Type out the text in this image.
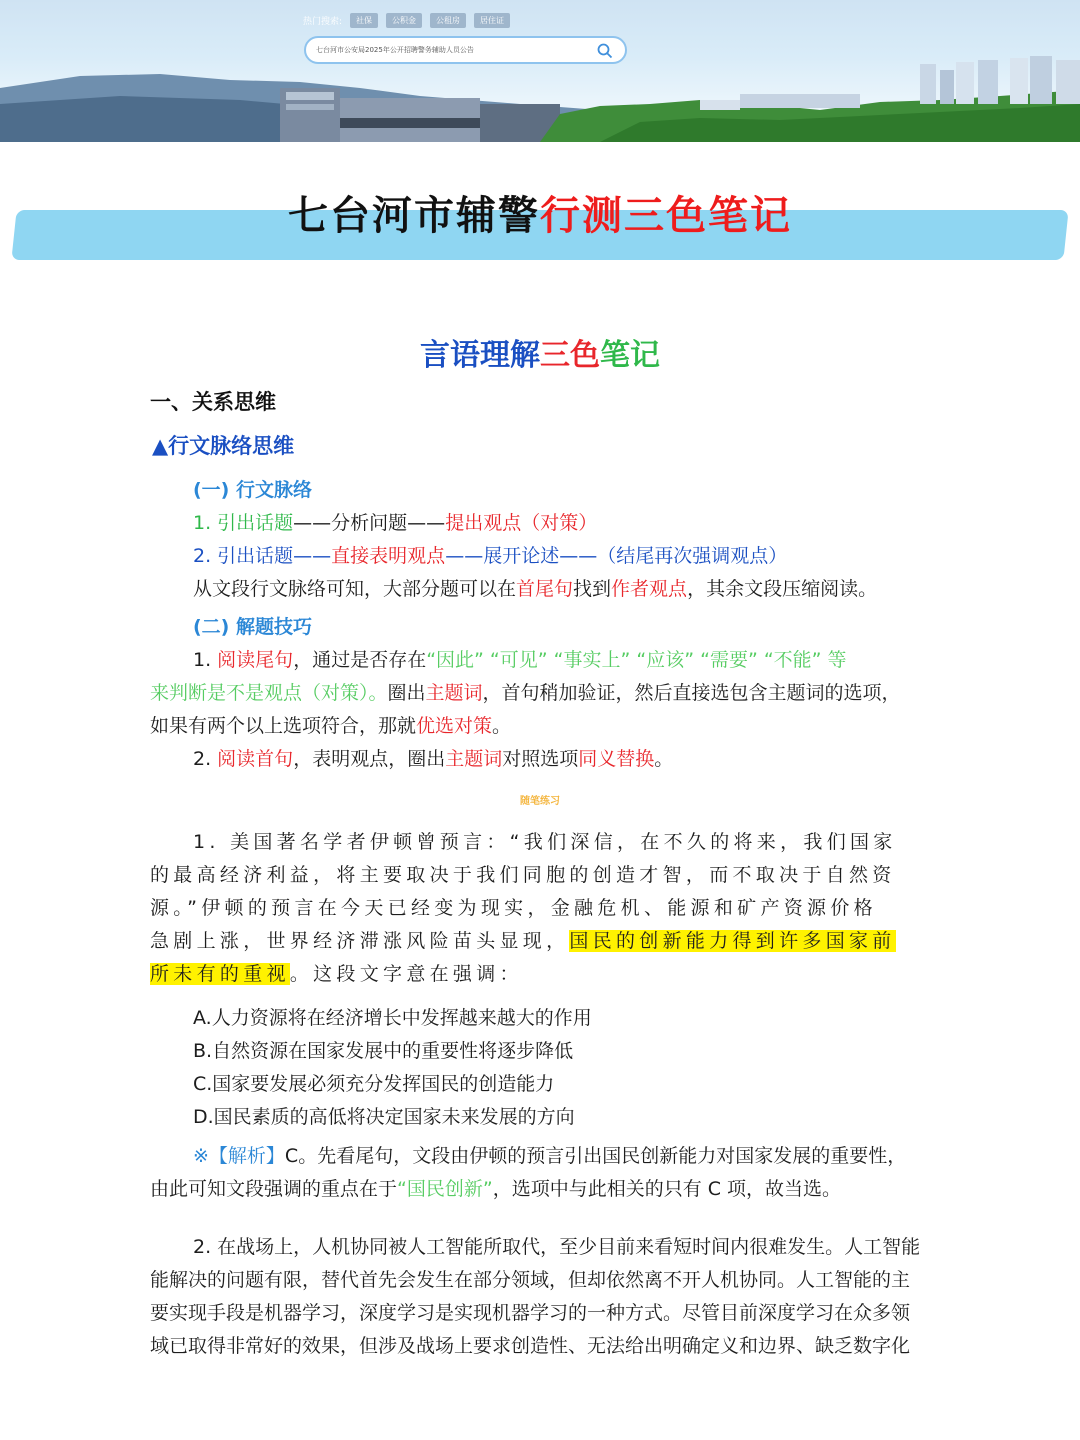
热门搜索:	社保	公积金	公租房	居住证
七台河市公安局2025年公开招聘警务辅助人员公告
七台河市辅警行测三色笔记
言语理解三色笔记
一、关系思维
▲行文脉络思维
(一) 行文脉络
1. 引出话题——分析问题——提出观点（对策）
2. 引出话题——直接表明观点——展开论述——（结尾再次强调观点）
从文段行文脉络可知，大部分题可以在首尾句找到作者观点，其余文段压缩阅读。
(二) 解题技巧
1. 阅读尾句，通过是否存在“因此” “可见” “事实上” “应该” “需要” “不能” 等
来判断是不是观点（对策）。圈出主题词，首句稍加验证，然后直接选包含主题词的选项，
如果有两个以上选项符合，那就优选对策。
2. 阅读首句，表明观点，圈出主题词对照选项同义替换。
随笔练习
1. 美国著名学者伊顿曾预言：“我们深信，在不久的将来，我们国家
的最高经济利益，将主要取决于我们同胞的创造才智，而不取决于自然资
源。”伊顿的预言在今天已经变为现实，金融危机、能源和矿产资源价格
急剧上涨，世界经济滞涨风险苗头显现，国民的创新能力得到许多国家前
所未有的重视。这段文字意在强调：
A.人力资源将在经济增长中发挥越来越大的作用
B.自然资源在国家发展中的重要性将逐步降低
C.国家要发展必须充分发挥国民的创造能力
D.国民素质的高低将决定国家未来发展的方向
※【解析】C。先看尾句，文段由伊顿的预言引出国民创新能力对国家发展的重要性，
由此可知文段强调的重点在于“国民创新”，选项中与此相关的只有 C 项，故当选。
2. 在战场上，人机协同被人工智能所取代，至少目前来看短时间内很难发生。人工智能
能解决的问题有限，替代首先会发生在部分领域，但却依然离不开人机协同。人工智能的主
要实现手段是机器学习，深度学习是实现机器学习的一种方式。尽管目前深度学习在众多领
域已取得非常好的效果，但涉及战场上要求创造性、无法给出明确定义和边界、缺乏数字化
